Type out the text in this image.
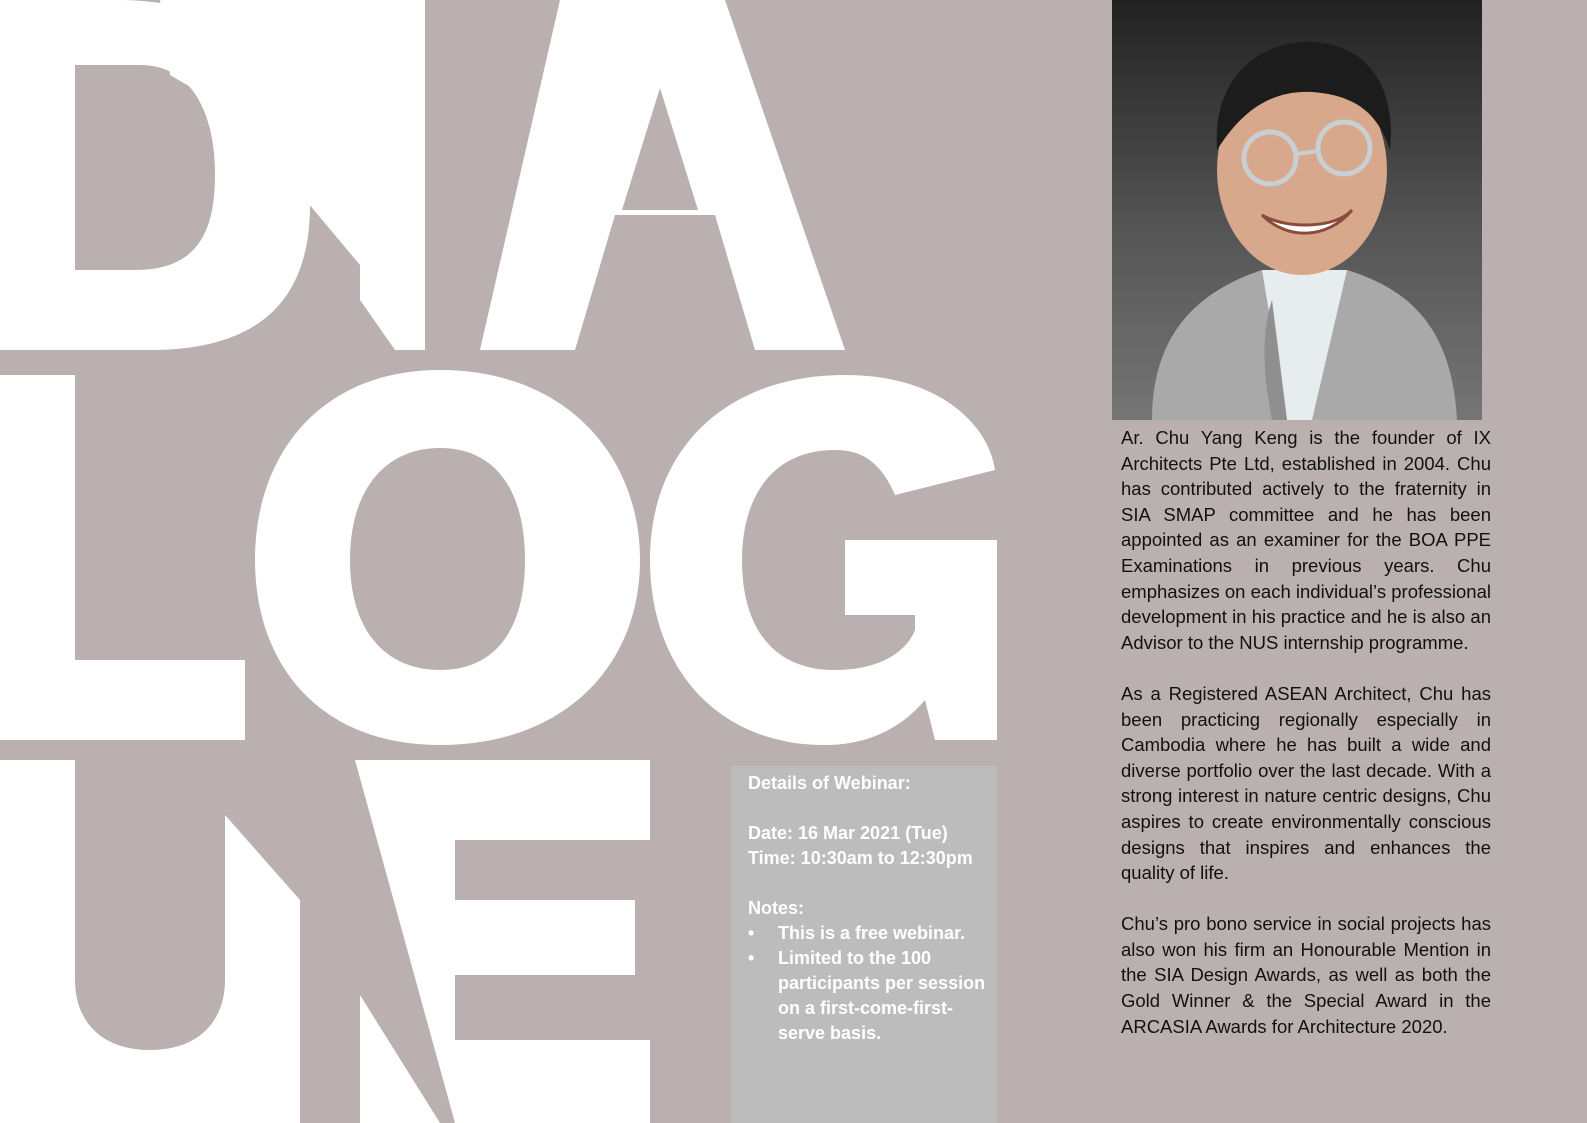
Details of Webinar:
Date: 16 Mar 2021 (Tue)
Time: 10:30am to 12:30pm
Notes:
• This is a free webinar.
• Limited to the 100 participants per session on a first-come-first-serve basis.

Ar. Chu Yang Keng is the founder of IX Architects Pte Ltd, established in 2004. Chu has contributed actively to the fraternity in SIA SMAP committee and he has been appointed as an examiner for the BOA PPE Examinations in previous years. Chu emphasizes on each individual’s professional development in his practice and he is also an Advisor to the NUS internship programme.

As a Registered ASEAN Architect, Chu has been practicing regionally especially in Cambodia where he has built a wide and diverse portfolio over the last decade. With a strong interest in nature centric designs, Chu aspires to create environmentally conscious designs that inspires and enhances the quality of life.

Chu’s pro bono service in social projects has also won his firm an Honourable Mention in the SIA Design Awards, as well as both the Gold Winner & the Special Award in the ARCASIA Awards for Architecture 2020.
